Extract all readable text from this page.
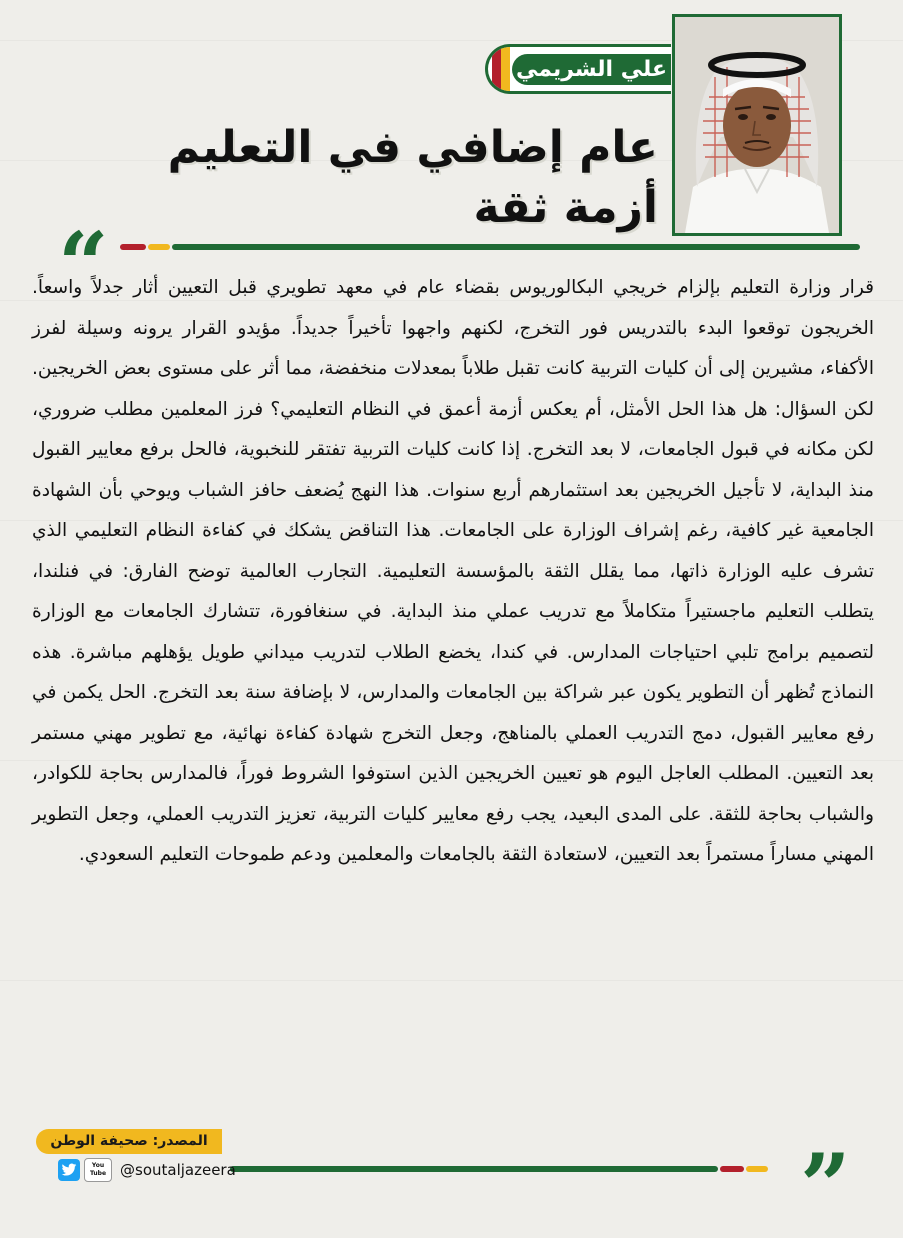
علي الشريمي
عام إضافي في التعليم أزمة ثقة
“
قرار وزارة التعليم بإلزام خريجي البكالوريوس بقضاء عام في معهد تطويري قبل التعيين أثار جدلاً واسعاً. الخريجون توقعوا البدء بالتدريس فور التخرج، لكنهم واجهوا تأخيراً جديداً. مؤيدو القرار يرونه وسيلة لفرز الأكفاء، مشيرين إلى أن كليات التربية كانت تقبل طلاباً بمعدلات منخفضة، مما أثر على مستوى بعض الخريجين. لكن السؤال: هل هذا الحل الأمثل، أم يعكس أزمة أعمق في النظام التعليمي؟ فرز المعلمين مطلب ضروري، لكن مكانه في قبول الجامعات، لا بعد التخرج. إذا كانت كليات التربية تفتقر للنخبوية، فالحل برفع معايير القبول منذ البداية، لا تأجيل الخريجين بعد استثمارهم أربع سنوات. هذا النهج يُضعف حافز الشباب ويوحي بأن الشهادة الجامعية غير كافية، رغم إشراف الوزارة على الجامعات. هذا التناقض يشكك في كفاءة النظام التعليمي الذي تشرف عليه الوزارة ذاتها، مما يقلل الثقة بالمؤسسة التعليمية. التجارب العالمية توضح الفارق: في فنلندا، يتطلب التعليم ماجستيراً متكاملاً مع تدريب عملي منذ البداية. في سنغافورة، تتشارك الجامعات مع الوزارة لتصميم برامج تلبي احتياجات المدارس. في كندا، يخضع الطلاب لتدريب ميداني طويل يؤهلهم مباشرة. هذه النماذج تُظهر أن التطوير يكون عبر شراكة بين الجامعات والمدارس، لا بإضافة سنة بعد التخرج. الحل يكمن في رفع معايير القبول، دمج التدريب العملي بالمناهج، وجعل التخرج شهادة كفاءة نهائية، مع تطوير مهني مستمر بعد التعيين. المطلب العاجل اليوم هو تعيين الخريجين الذين استوفوا الشروط فوراً، فالمدارس بحاجة للكوادر، والشباب بحاجة للثقة. على المدى البعيد، يجب رفع معايير كليات التربية، تعزيز التدريب العملي، وجعل التطوير المهني مساراً مستمراً بعد التعيين، لاستعادة الثقة بالجامعات والمعلمين ودعم طموحات التعليم السعودي.
”
المصدر: صحيفة الوطن
You Tube @soutaljazeera
